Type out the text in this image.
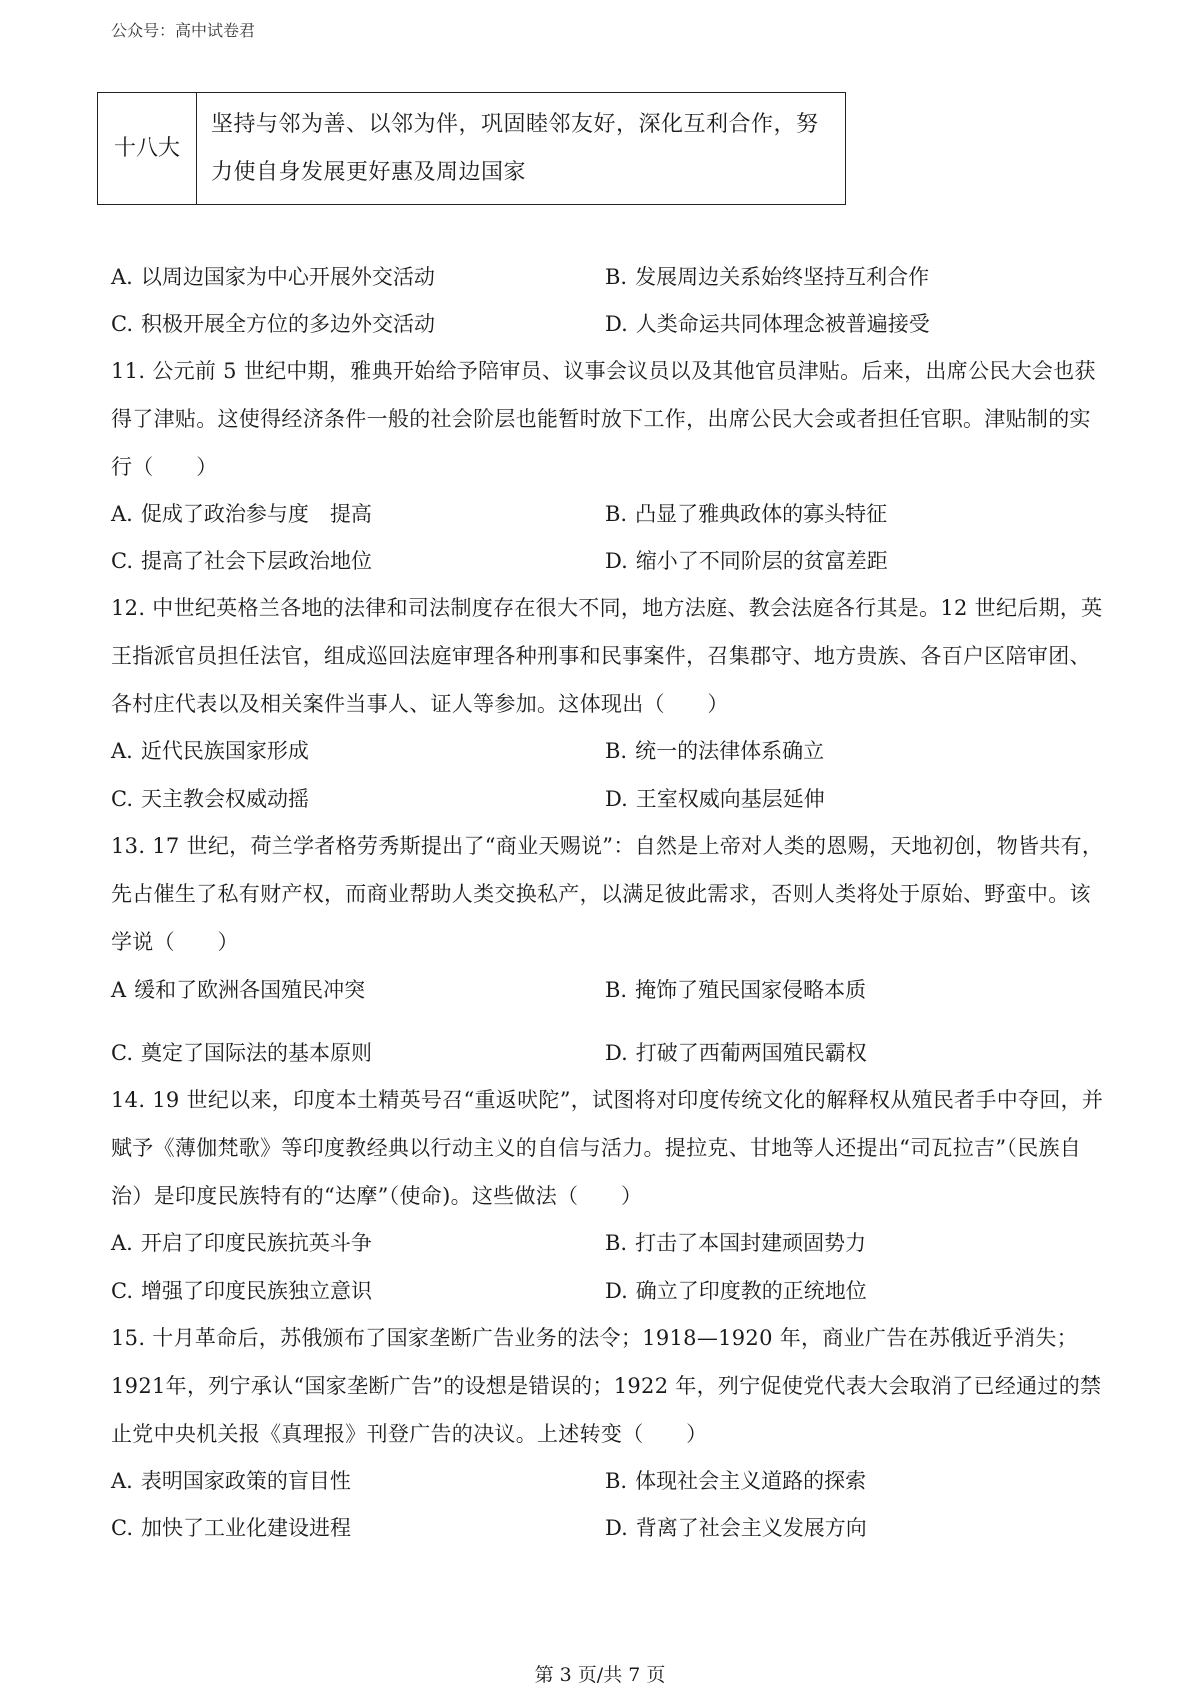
公众号：高中试卷君
十八大	坚持与邻为善、以邻为伴，巩固睦邻友好，深化互利合作，努力使自身发展更好惠及周边国家
A. 以周边国家为中心开展外交活动	B. 发展周边关系始终坚持互利合作
C. 积极开展全方位的多边外交活动	D. 人类命运共同体理念被普遍接受
11. 公元前 5 世纪中期，雅典开始给予陪审员、议事会议员以及其他官员津贴。后来，出席公民大会也获得了津贴。这使得经济条件一般的社会阶层也能暂时放下工作，出席公民大会或者担任官职。津贴制的实行（　　）
A. 促成了政治参与度　提高	B. 凸显了雅典政体的寡头特征
C. 提高了社会下层政治地位	D. 缩小了不同阶层的贫富差距
12. 中世纪英格兰各地的法律和司法制度存在很大不同，地方法庭、教会法庭各行其是。12 世纪后期，英王指派官员担任法官，组成巡回法庭审理各种刑事和民事案件，召集郡守、地方贵族、各百户区陪审团、各村庄代表以及相关案件当事人、证人等参加。这体现出（　　）
A. 近代民族国家形成	B. 统一的法律体系确立
C. 天主教会权威动摇	D. 王室权威向基层延伸
13. 17 世纪，荷兰学者格劳秀斯提出了“商业天赐说”：自然是上帝对人类的恩赐，天地初创，物皆共有，先占催生了私有财产权，而商业帮助人类交换私产，以满足彼此需求，否则人类将处于原始、野蛮中。该学说（　　）
A 缓和了欧洲各国殖民冲突	B. 掩饰了殖民国家侵略本质
C. 奠定了国际法的基本原则	D. 打破了西葡两国殖民霸权
14. 19 世纪以来，印度本土精英号召“重返吠陀”，试图将对印度传统文化的解释权从殖民者手中夺回，并赋予《薄伽梵歌》等印度教经典以行动主义的自信与活力。提拉克、甘地等人还提出“司瓦拉吉”（民族自治）是印度民族特有的“达摩”（使命)。这些做法（　　）
A. 开启了印度民族抗英斗争	B. 打击了本国封建顽固势力
C. 增强了印度民族独立意识	D. 确立了印度教的正统地位
15. 十月革命后，苏俄颁布了国家垄断广告业务的法令；1918—1920 年，商业广告在苏俄近乎消失；1921年，列宁承认“国家垄断广告”的设想是错误的；1922 年，列宁促使党代表大会取消了已经通过的禁止党中央机关报《真理报》刊登广告的决议。上述转变（　　）
A. 表明国家政策的盲目性	B. 体现社会主义道路的探索
C. 加快了工业化建设进程	D. 背离了社会主义发展方向
第 3 页/共 7 页
